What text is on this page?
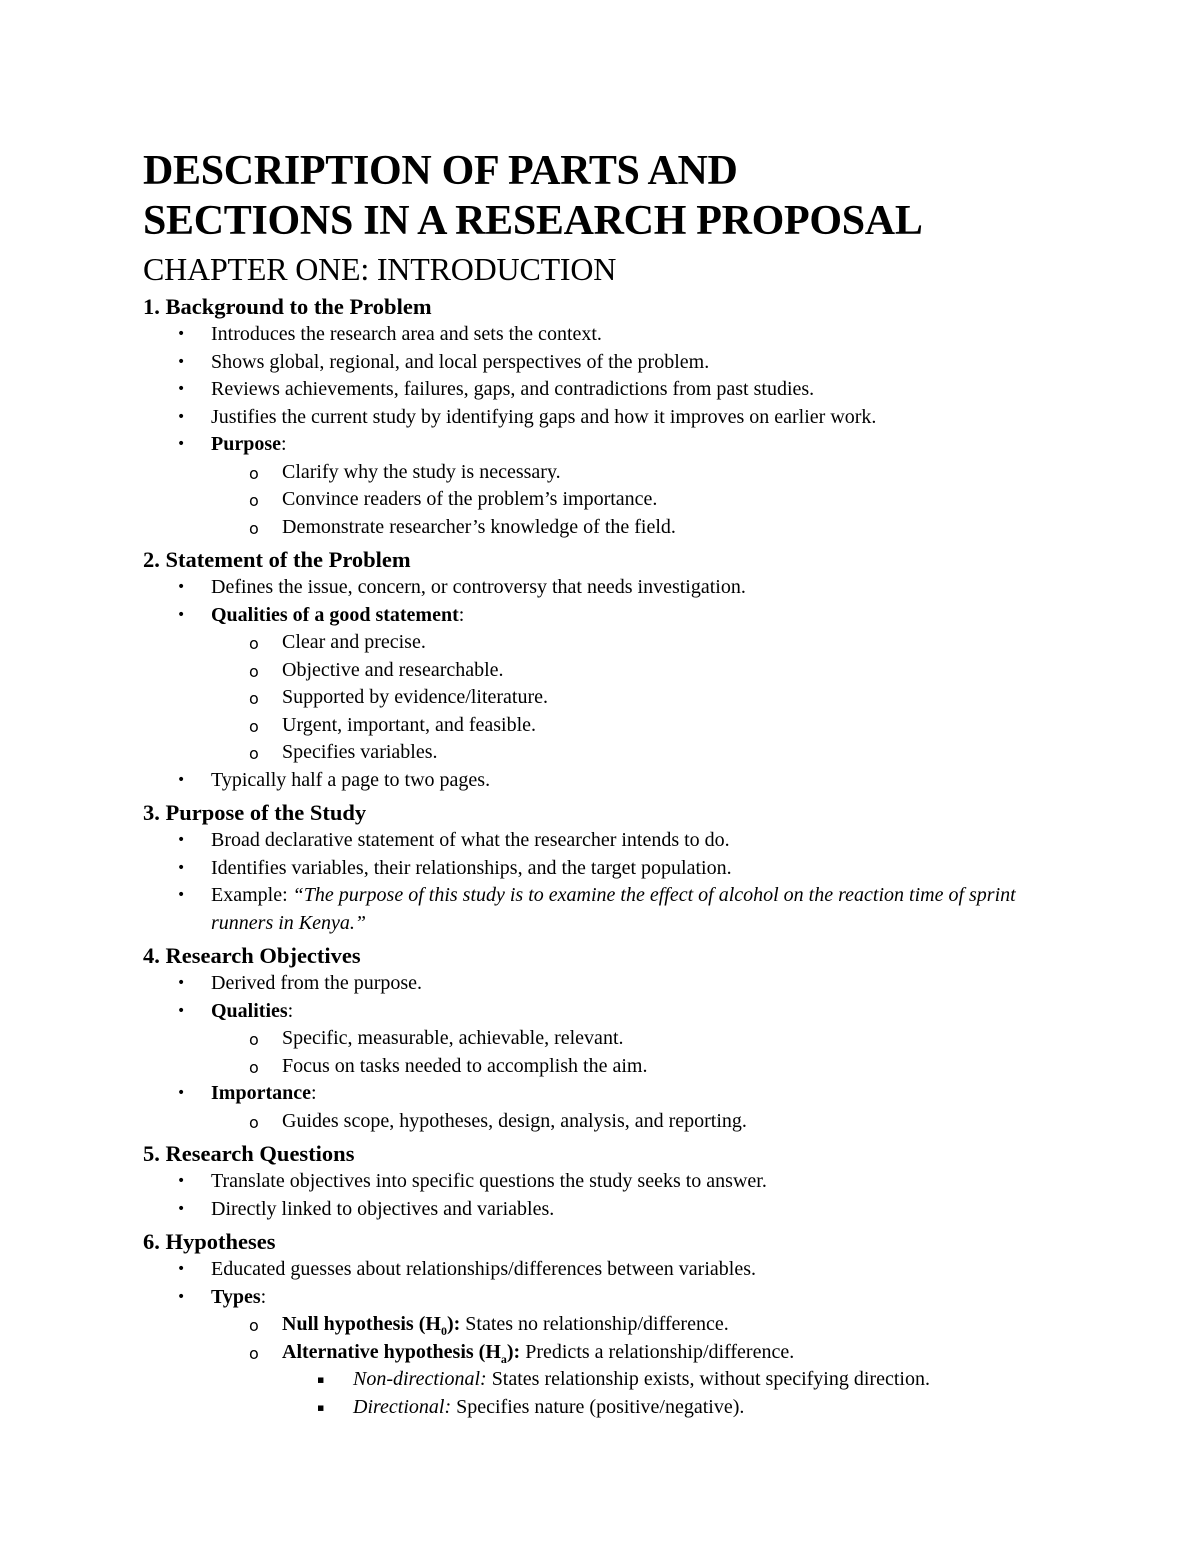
DESCRIPTION OF PARTS AND
SECTIONS IN A RESEARCH PROPOSAL
CHAPTER ONE: INTRODUCTION
1. Background to the Problem
• Introduces the research area and sets the context.
• Shows global, regional, and local perspectives of the problem.
• Reviews achievements, failures, gaps, and contradictions from past studies.
• Justifies the current study by identifying gaps and how it improves on earlier work.
• Purpose:
o Clarify why the study is necessary.
o Convince readers of the problem’s importance.
o Demonstrate researcher’s knowledge of the field.
2. Statement of the Problem
• Defines the issue, concern, or controversy that needs investigation.
• Qualities of a good statement:
o Clear and precise.
o Objective and researchable.
o Supported by evidence/literature.
o Urgent, important, and feasible.
o Specifies variables.
• Typically half a page to two pages.
3. Purpose of the Study
• Broad declarative statement of what the researcher intends to do.
• Identifies variables, their relationships, and the target population.
• Example: “The purpose of this study is to examine the effect of alcohol on the reaction time of sprint runners in Kenya.”
4. Research Objectives
• Derived from the purpose.
• Qualities:
o Specific, measurable, achievable, relevant.
o Focus on tasks needed to accomplish the aim.
• Importance:
o Guides scope, hypotheses, design, analysis, and reporting.
5. Research Questions
• Translate objectives into specific questions the study seeks to answer.
• Directly linked to objectives and variables.
6. Hypotheses
• Educated guesses about relationships/differences between variables.
• Types:
o Null hypothesis $(H_0)$: States no relationship/difference.
o Alternative hypothesis $(H_a)$: Predicts a relationship/difference.
▪ Non-directional: States relationship exists, without specifying direction.
▪ Directional: Specifies nature (positive/negative).
